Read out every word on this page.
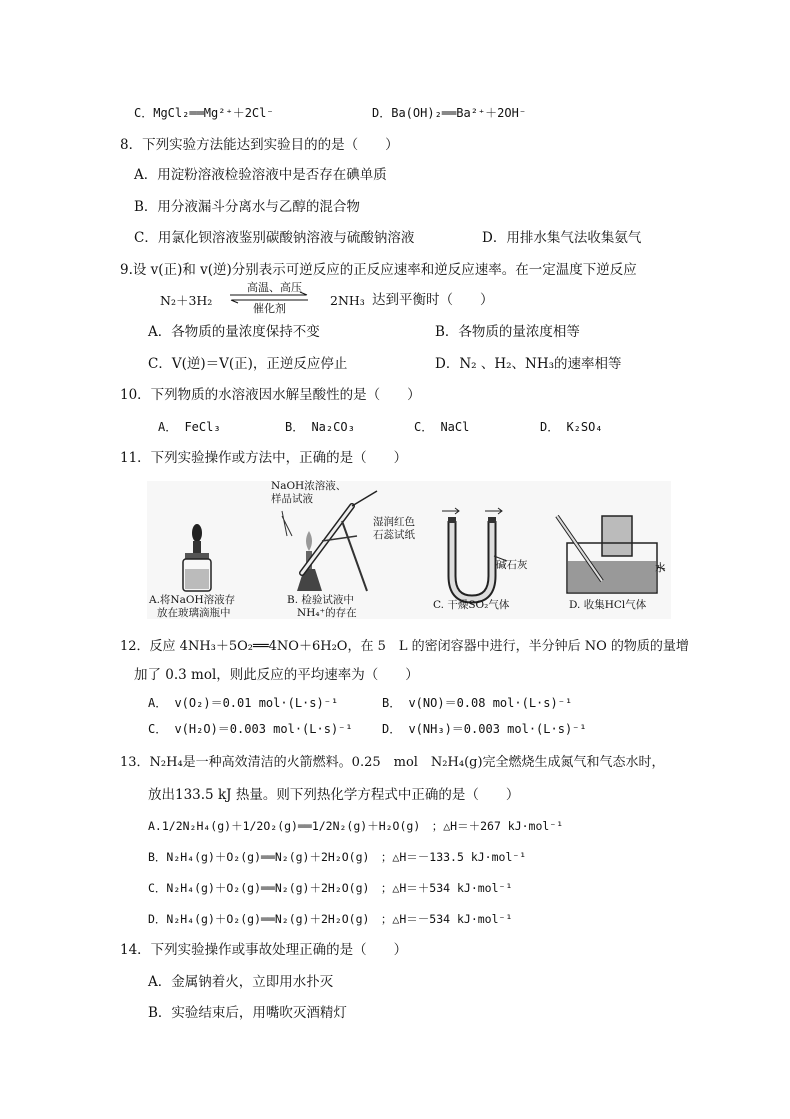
C．MgCl₂══Mg²⁺＋2Cl⁻	D．Ba(OH)₂══Ba²⁺＋2OH⁻
8．下列实验方法能达到实验目的的是（　　）
A．用淀粉溶液检验溶液中是否存在碘单质
B．用分液漏斗分离水与乙醇的混合物
C．用氯化钡溶液鉴别碳酸钠溶液与硫酸钠溶液	D．用排水集气法收集氨气
9.设 v(正)和 v(逆)分别表示可逆反应的正反应速率和逆反应速率。在一定温度下逆反应
N₂＋3H₂
高温、高压
催化剂
2NH₃ 达到平衡时（　　）
A．各物质的量浓度保持不变	B．各物质的量浓度相等
C．V(逆)＝V(正)，正逆反应停止	D．N₂ 、H₂、NH₃的速率相等
10．下列物质的水溶液因水解呈酸性的是（　　）
A． FeCl₃	B． Na₂CO₃	C． NaCl	D． K₂SO₄
11．下列实验操作或方法中，正确的是（　　）
NaOH浓溶液、
样品试液
湿润红色
石蕊试纸
碱石灰	水
A.将NaOH溶液存
放在玻璃滴瓶中
B. 检验试液中
NH₄⁺的存在
C. 干燥SO₂气体	D. 收集HCl气体
12．反应 4NH₃＋5O₂══4NO＋6H₂O，在 5　L 的密闭容器中进行，半分钟后 NO 的物质的量增
加了 0.3 mol，则此反应的平均速率为（　　）
A． v(O₂)＝0.01 mol·(L·s)⁻¹	B． v(NO)＝0.08 mol·(L·s)⁻¹
C． v(H₂O)＝0.003 mol·(L·s)⁻¹ D． v(NH₃)＝0.003 mol·(L·s)⁻¹
13．N₂H₄是一种高效清洁的火箭燃料。0.25　mol　N₂H₄(g)完全燃烧生成氮气和气态水时，
放出133.5 kJ 热量。则下列热化学方程式中正确的是（　　）
A.1/2N₂H₄(g)＋1/2O₂(g)══1/2N₂(g)＋H₂O(g)　；△H＝＋267 kJ·mol⁻¹
B．N₂H₄(g)＋O₂(g)══N₂(g)＋2H₂O(g)　；△H＝－133.5 kJ·mol⁻¹
C．N₂H₄(g)＋O₂(g)══N₂(g)＋2H₂O(g)　；△H＝＋534 kJ·mol⁻¹
D．N₂H₄(g)＋O₂(g)══N₂(g)＋2H₂O(g)　；△H＝－534 kJ·mol⁻¹
14．下列实验操作或事故处理正确的是（　　）
A．金属钠着火，立即用水扑灭
B．实验结束后，用嘴吹灭酒精灯
